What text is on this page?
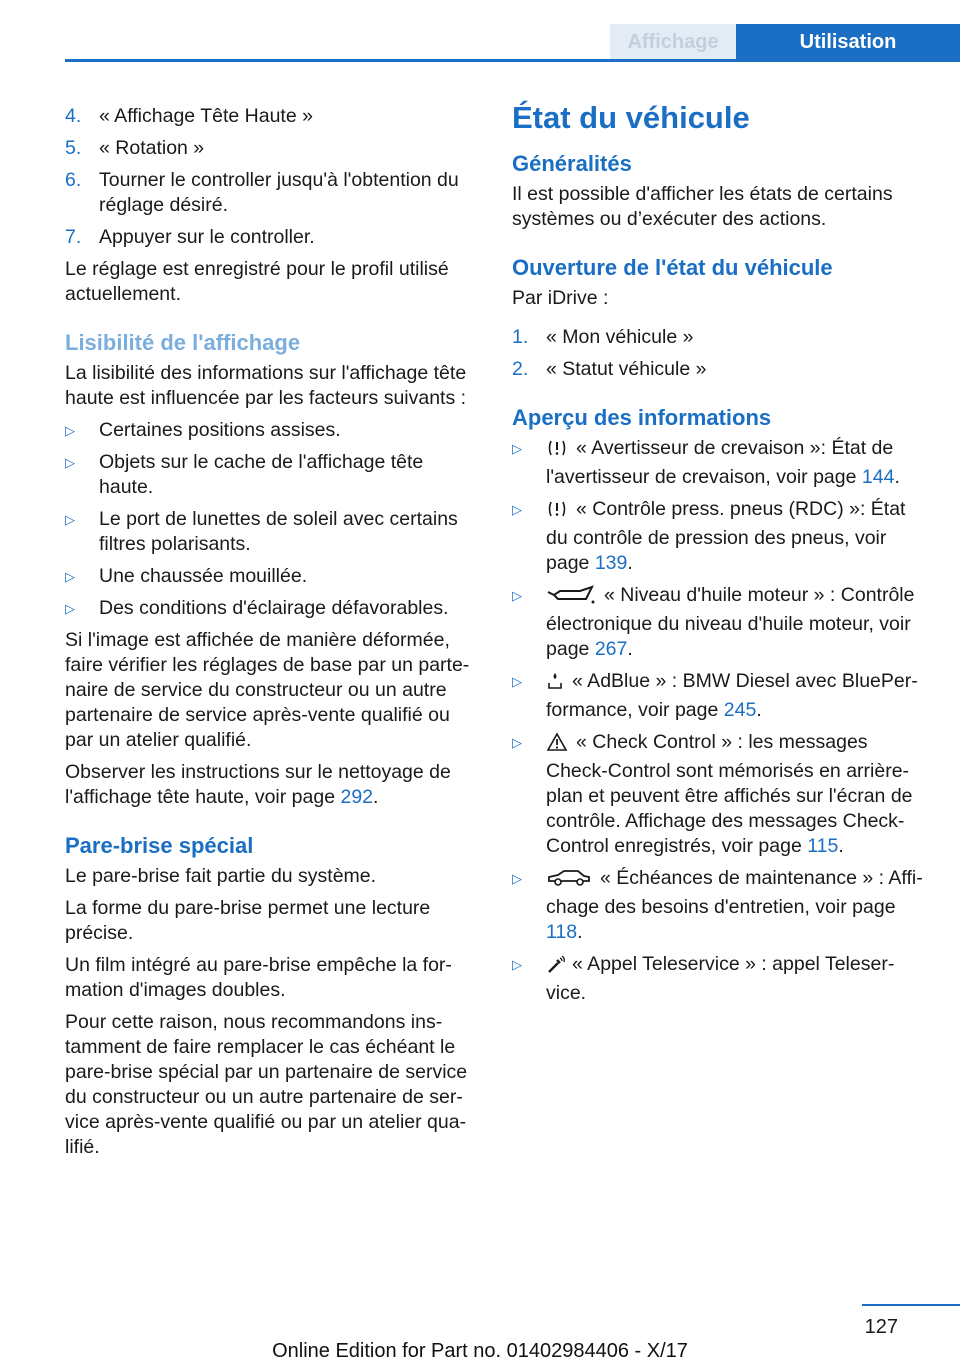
Affichage	Utilisation
4. « Affichage Tête Haute »
5. « Rotation »
6. Tourner le controller jusqu'à l'obtention du réglage désiré.
7. Appuyer sur le controller.

Le réglage est enregistré pour le profil utilisé actuellement.

Lisibilité de l'affichage

La lisibilité des informations sur l'affichage tête haute est influencée par les facteurs suivants :

▷ Certaines positions assises.
▷ Objets sur le cache de l'affichage tête haute.
▷ Le port de lunettes de soleil avec certains filtres polarisants.
▷ Une chaussée mouillée.
▷ Des conditions d'éclairage défavorables.

Si l'image est affichée de manière déformée, faire vérifier les réglages de base par un parte‐naire de service du constructeur ou un autre partenaire de service après-vente qualifié ou par un atelier qualifié.

Observer les instructions sur le nettoyage de l'affichage tête haute, voir page 292.

Pare-brise spécial

Le pare-brise fait partie du système.

La forme du pare-brise permet une lecture précise.

Un film intégré au pare-brise empêche la for‐mation d'images doubles.

Pour cette raison, nous recommandons ins‐tamment de faire remplacer le cas échéant le pare-brise spécial par un partenaire de service du constructeur ou un autre partenaire de ser‐vice après-vente qualifié ou par un atelier qua‐lifié.

État du véhicule
Généralités

Il est possible d'afficher les états de certains systèmes ou d’exécuter des actions.

Ouverture de l'état du véhicule

Par iDrive :

1. « Mon véhicule »
2. « Statut véhicule »
Aperçu des informations
▷	« Avertisseur de crevaison »: État de l'avertisseur de crevaison, voir page 144.
▷	« Contrôle press. pneus (RDC) »: État du contrôle de pression des pneus, voir page 139.
▷	« Niveau d'huile moteur » : Contrôle électronique du niveau d'huile moteur, voir page 267.
▷	« AdBlue » : BMW Diesel avec BluePer‐formance, voir page 245.
▷	« Check Control » : les messages Check-Control sont mémorisés en arrière-plan et peuvent être affichés sur l'écran de contrôle. Affichage des messages Check-Control enregistrés, voir page 115.
▷	« Échéances de maintenance » : Affi‐chage des besoins d'entretien, voir page 118.
▷	« Appel Teleservice » : appel Teleser‐vice.
127
Online Edition for Part no. 01402984406 - X/17
